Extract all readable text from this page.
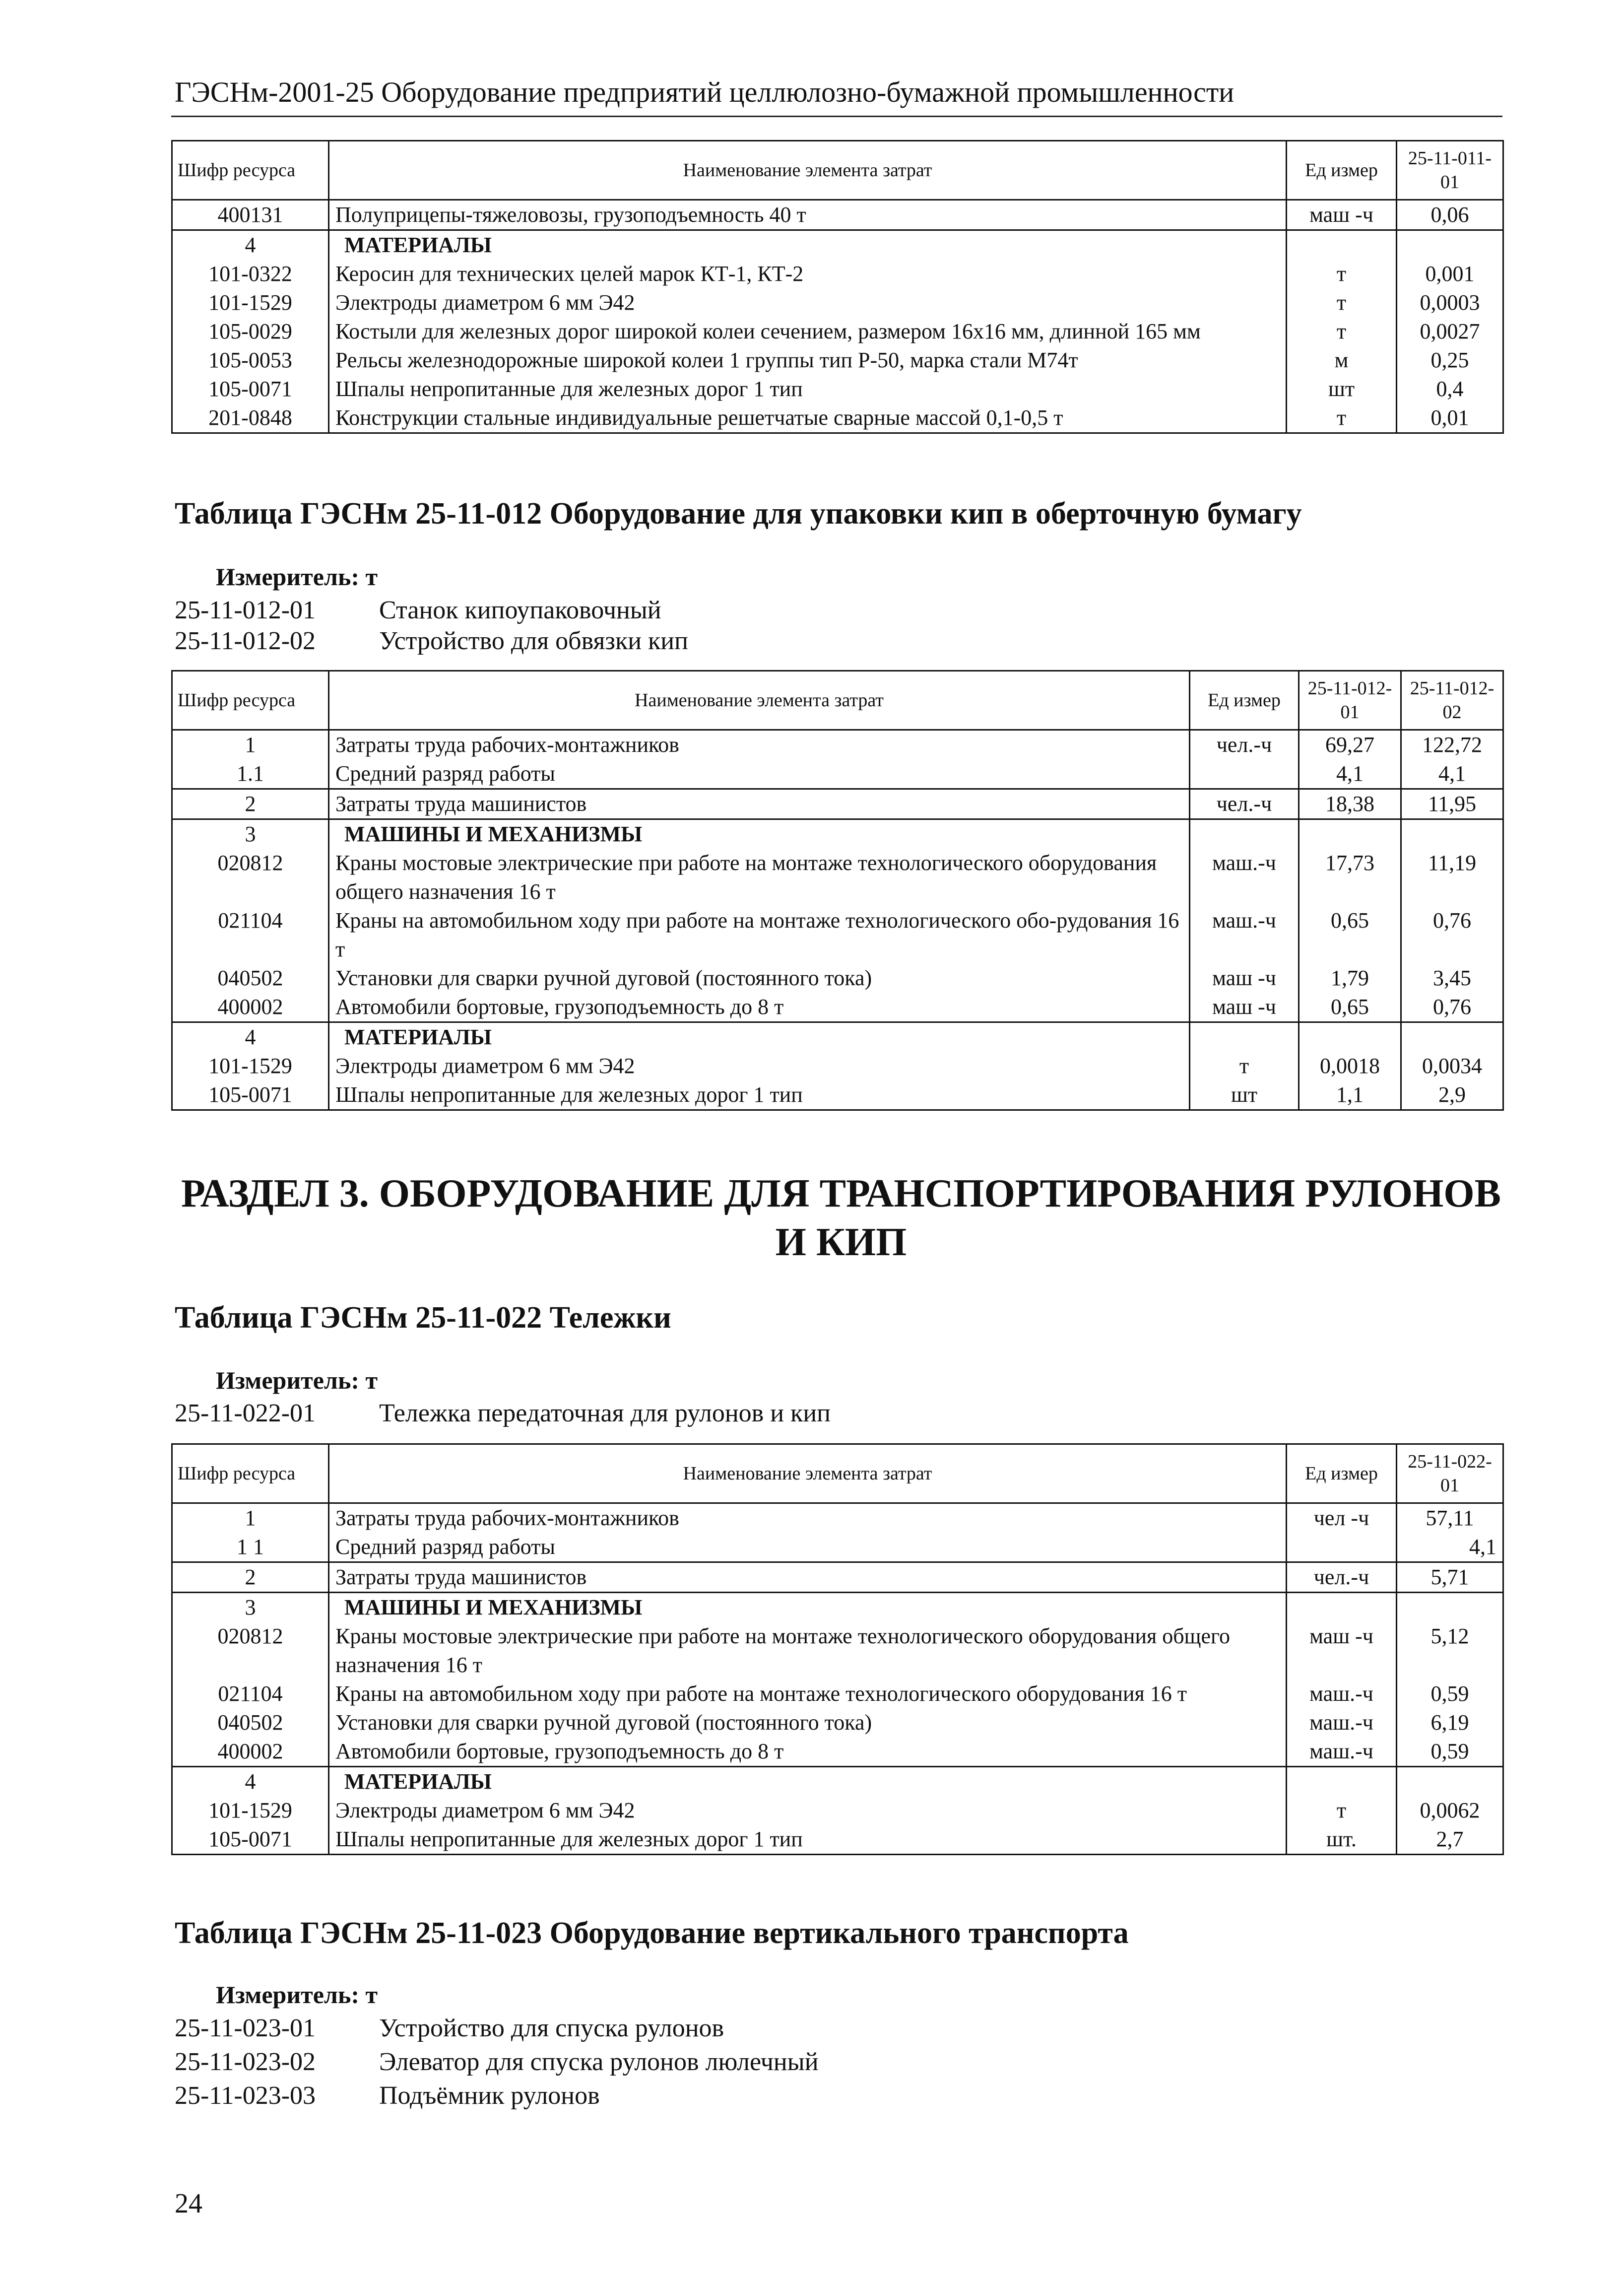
ГЭСНм-2001-25 Оборудование предприятий целлюлозно-бумажной промышленности
Шифр ресурса	Наименование элемента затрат	Ед измер	25-11-011-01
400131	Полуприцепы-тяжеловозы, грузоподъемность 40 т	маш -ч	0,06
4	МАТЕРИАЛЫ		
101-0322	Керосин для технических целей марок КТ-1, КТ-2	т	0,001
101-1529	Электроды диаметром 6 мм Э42	т	0,0003
105-0029	Костыли для железных дорог широкой колеи сечением, размером 16х16 мм, длинной 165 мм	т	0,0027
105-0053	Рельсы железнодорожные широкой колеи 1 группы тип Р-50, марка стали М74т	м	0,25
105-0071	Шпалы непропитанные для железных дорог 1 тип	шт	0,4
201-0848	Конструкции стальные индивидуальные решетчатые сварные массой 0,1-0,5 т	т	0,01
Таблица ГЭСНм 25-11-012 Оборудование для упаковки кип в оберточную бумагу
Измеритель: т
25-11-012-01 Станок кипоупаковочный
25-11-012-02 Устройство для обвязки кип
Шифр ресурса	Наименование элемента затрат	Ед измер	25-11-012-01	25-11-012-02
1	Затраты труда рабочих-монтажников	чел.-ч	69,27	122,72
1.1	Средний разряд работы		4,1	4,1
2	Затраты труда машинистов	чел.-ч	18,38	11,95
3	МАШИНЫ И МЕХАНИЗМЫ			
020812	Краны мостовые электрические при работе на монтаже технологического оборудования общего назначения 16 т	маш.-ч	17,73	11,19
021104	Краны на автомобильном ходу при работе на монтаже технологического обо-рудования 16 т	маш.-ч	0,65	0,76
040502	Установки для сварки ручной дуговой (постоянного тока)	маш -ч	1,79	3,45
400002	Автомобили бортовые, грузоподъемность до 8 т	маш -ч	0,65	0,76
4	МАТЕРИАЛЫ			
101-1529	Электроды диаметром 6 мм Э42	т	0,0018	0,0034
105-0071	Шпалы непропитанные для железных дорог 1 тип	шт	1,1	2,9
РАЗДЕЛ 3. ОБОРУДОВАНИЕ ДЛЯ ТРАНСПОРТИРОВАНИЯ РУЛОНОВ И КИП
Таблица ГЭСНм 25-11-022 Тележки
Измеритель: т
25-11-022-01 Тележка передаточная для рулонов и кип
Шифр ресурса	Наименование элемента затрат	Ед измер	25-11-022-01
1	Затраты труда рабочих-монтажников	чел -ч	57,11
1 1	Средний разряд работы		4,1
2	Затраты труда машинистов	чел.-ч	5,71
3	МАШИНЫ И МЕХАНИЗМЫ		
020812	Краны мостовые электрические при работе на монтаже технологического оборудования общего назначения 16 т	маш -ч	5,12
021104	Краны на автомобильном ходу при работе на монтаже технологического оборудования 16 т	маш.-ч	0,59
040502	Установки для сварки ручной дуговой (постоянного тока)	маш.-ч	6,19
400002	Автомобили бортовые, грузоподъемность до 8 т	маш.-ч	0,59
4	МАТЕРИАЛЫ		
101-1529	Электроды диаметром 6 мм Э42	т	0,0062
105-0071	Шпалы непропитанные для железных дорог 1 тип	шт.	2,7
Таблица ГЭСНм 25-11-023 Оборудование вертикального транспорта
Измеритель: т
25-11-023-01 Устройство для спуска рулонов
25-11-023-02 Элеватор для спуска рулонов люлечный
25-11-023-03 Подъёмник рулонов
24
